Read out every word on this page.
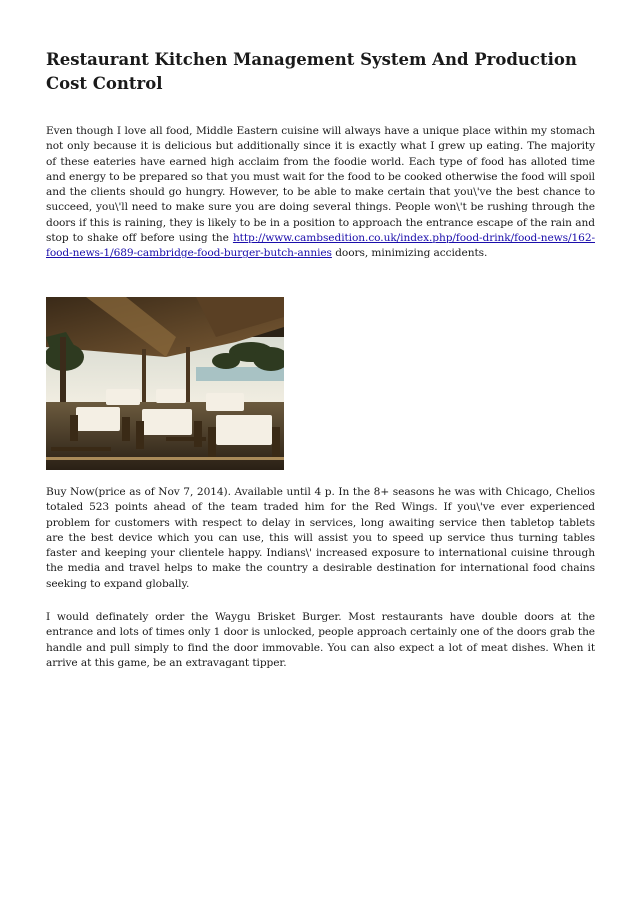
Restaurant Kitchen Management System And Production Cost Control

Even though I love all food, Middle Eastern cuisine will always have a unique place within my stomach not only because it is delicious but additionally since it is exactly what I grew up eating. The majority of these eateries have earned high acclaim from the foodie world. Each type of food has alloted time and energy to be prepared so that you must wait for the food to be cooked otherwise the food will spoil and the clients should go hungry. However, to be able to make certain that you\'ve the best chance to succeed, you\'ll need to make sure you are doing several things. People won\'t be rushing through the doors if this is raining, they is likely to be in a position to approach the entrance escape of the rain and stop to shake off before using the http://www.cambsedition.co.uk/index.php/food-drink/food-news/162-food-news-1/689-cambridge-food-burger-butch-annies doors, minimizing accidents.

Buy Now(price as of Nov 7, 2014). Available until 4 p. In the 8+ seasons he was with Chicago, Chelios totaled 523 points ahead of the team traded him for the Red Wings. If you\'ve ever experienced problem for customers with respect to delay in services, long awaiting service then tabletop tablets are the best device which you can use, this will assist you to speed up service thus turning tables faster and keeping your clientele happy. Indians\' increased exposure to international cuisine through the media and travel helps to make the country a desirable destination for international food chains seeking to expand globally.

I would definately order the Waygu Brisket Burger. Most restaurants have double doors at the entrance and lots of times only 1 door is unlocked, people approach certainly one of the doors grab the handle and pull simply to find the door immovable. You can also expect a lot of meat dishes. When it arrive at this game, be an extravagant tipper.
